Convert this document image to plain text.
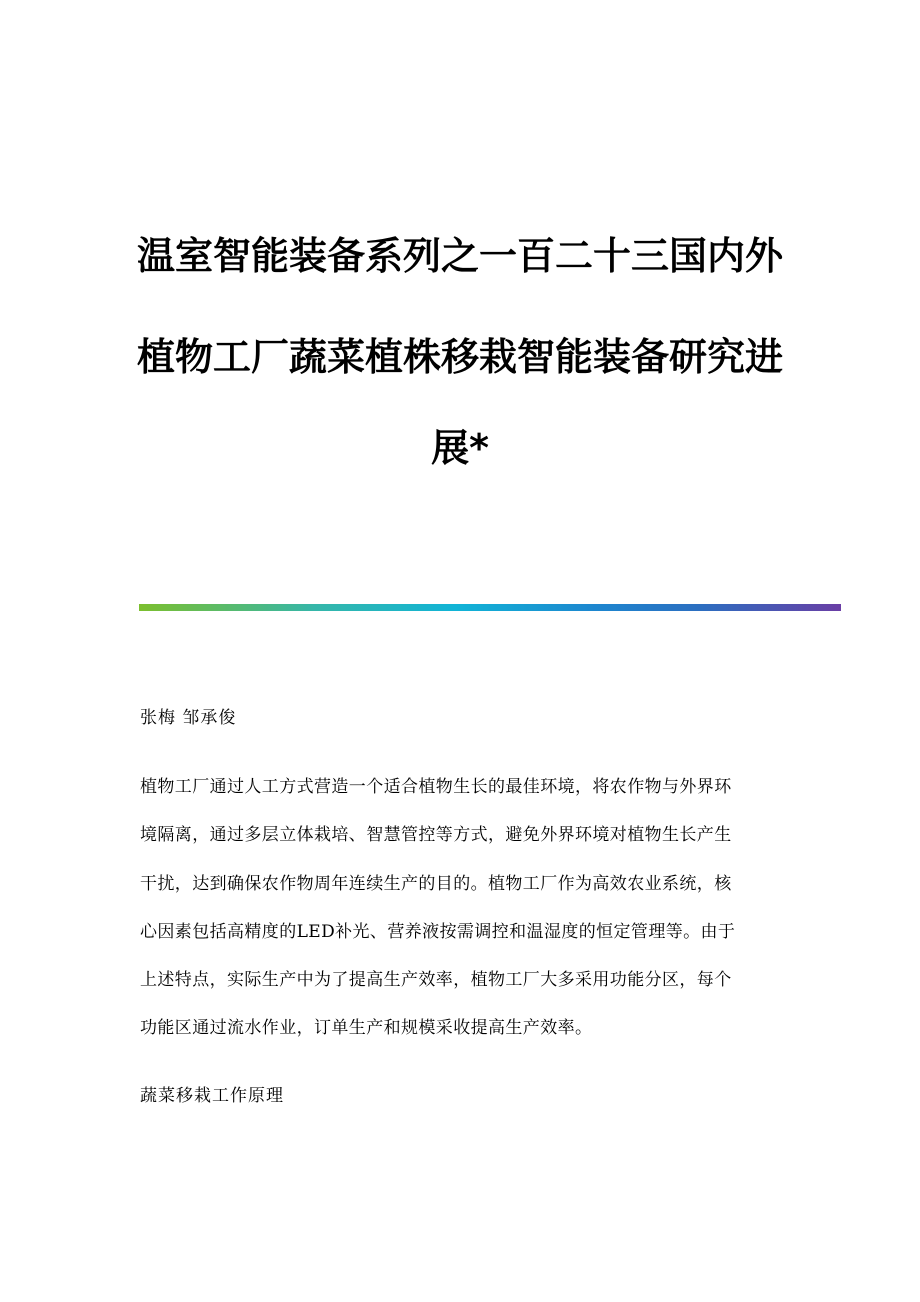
温室智能装备系列之一百二十三国内外
植物工厂蔬菜植株移栽智能装备研究进
展*

张梅 邹承俊

植物工厂通过人工方式营造一个适合植物生长的最佳环境，将农作物与外界环

境隔离，通过多层立体栽培、智慧管控等方式，避免外界环境对植物生长产生

干扰，达到确保农作物周年连续生产的目的。植物工厂作为高效农业系统，核

心因素包括高精度的LED补光、营养液按需调控和温湿度的恒定管理等。由于

上述特点，实际生产中为了提高生产效率，植物工厂大多采用功能分区，每个

功能区通过流水作业，订单生产和规模采收提高生产效率。

蔬菜移栽工作原理
